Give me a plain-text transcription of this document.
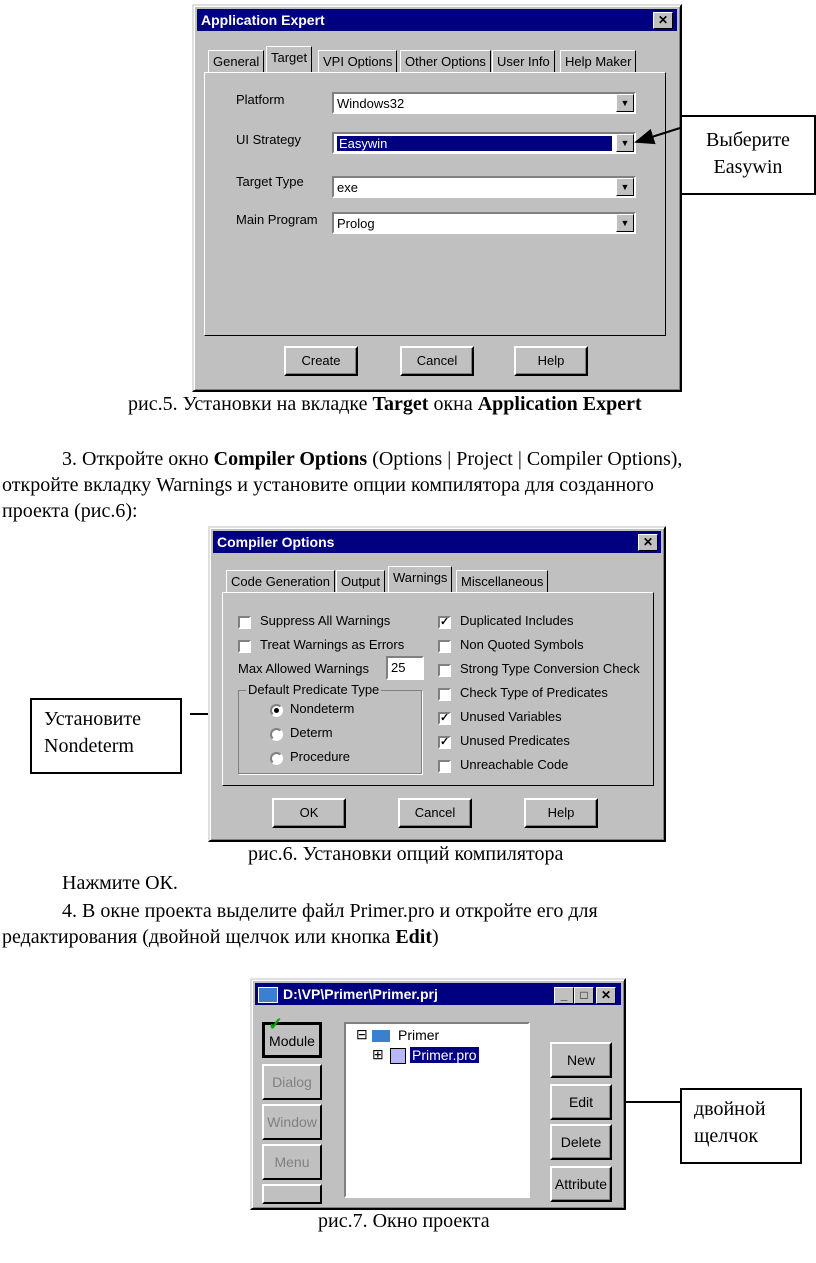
Application Expert	✕
General Target	VPI Options Other Options User Info	Help Maker
Platform	Windows32	▼
UI Strategy	Easywin	▼
Target Type	exe	▼
Main Program Prolog	▼
Create	Cancel	Help
Выберите
Easywin
рис.5. Установки на вкладке Target окна Application Expert
3. Откройте окно Compiler Options (Options | Project | Compiler Options),
откройте вкладку Warnings и установите опции компилятора для созданного
проекта (рис.6):
Compiler Options	✕
Code Generation Output Warnings	Miscellaneous
Suppress All Warnings
Treat Warnings as Errors
Max Allowed Warnings 25
Default Predicate Type
Nondeterm
Determ
Procedure
OK	Cancel	Help
✓ Duplicated Includes
Non Quoted Symbols
Strong Type Conversion Check
Check Type of Predicates
✓ Unused Variables
✓ Unused Predicates
Unreachable Code
Установите
Nondeterm
рис.6. Установки опций компилятора
Нажмите ОК.
4. В окне проекта выделите файл Primer.pro и откройте его для
редактирования (двойной щелчок или кнопка Edit)
D:\VP\Primer\Primer.prj	_	□	✕
Module
✓
Dialog
Window
Menu
⊟ Primer
⊞ Primer.pro	New
Edit
Delete
Attribute
двойной
щелчок
рис.7. Окно проекта
